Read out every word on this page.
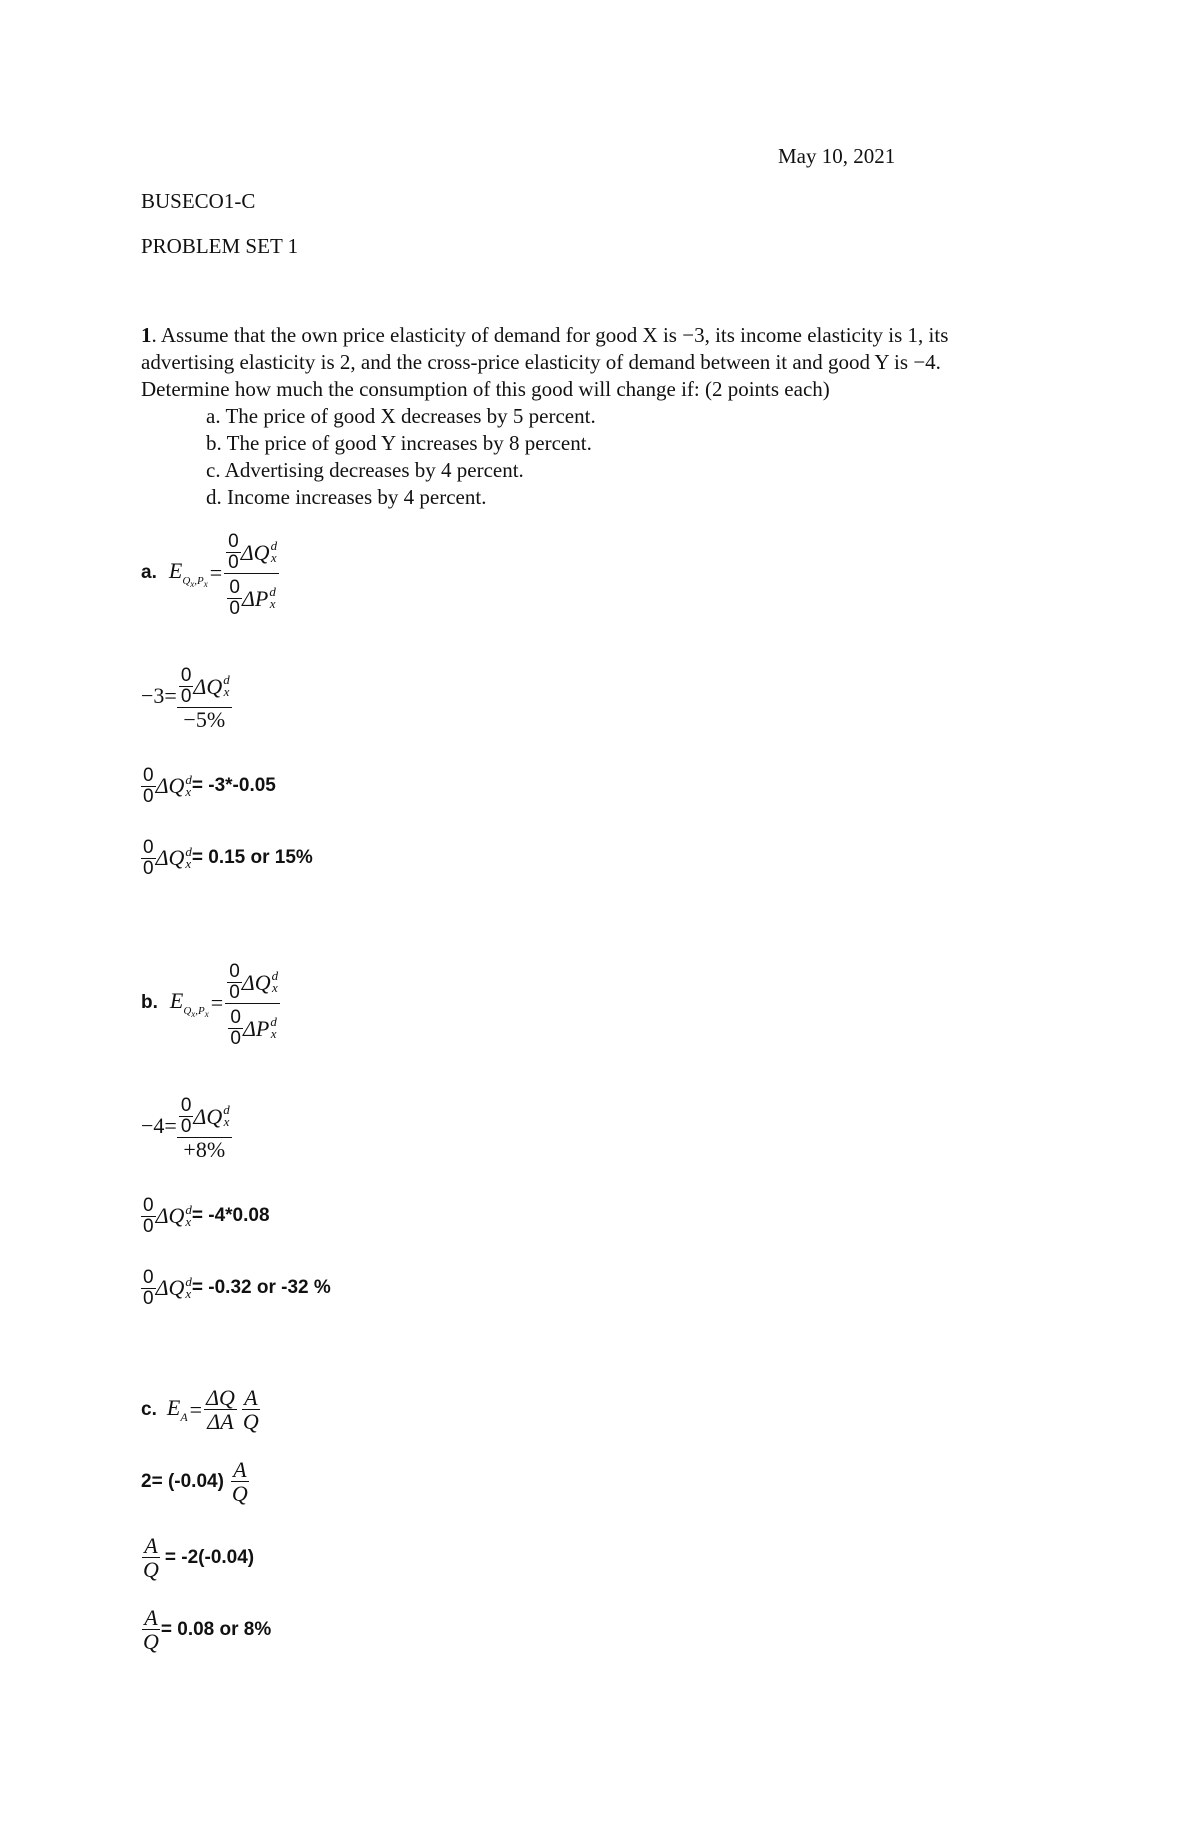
May 10, 2021
BUSECO1-C
PROBLEM SET 1
1. Assume that the own price elasticity of demand for good X is −3, its income elasticity is 1, its
advertising elasticity is 2, and the cross-price elasticity of demand between it and good Y is −4.
Determine how much the consumption of this good will change if: (2 points each)
a. The price of good X decreases by 5 percent.
b. The price of good Y increases by 8 percent.
c. Advertising decreases by 4 percent.
d. Income increases by 4 percent.
a. $E_{Q_x,P_x} = \frac{0}{0}$ ΔQ d
x
$\frac{0}{0}$ ΔP d
x
$-3= \frac{0}{0}$ ΔQ d
x
−5%
$\frac{0}{0}$ ΔQ d
x = -3*-0.05
$\frac{0}{0}$ ΔQ d
x = 0.15 or 15%
b. $E_{Q_x,P_x} = \frac{0}{0}$ ΔQ d
x
$\frac{0}{0}$ ΔP d
x
$-4= \frac{0}{0}$ ΔQ d
x
+8%
$\frac{0}{0}$ ΔQ d
x = -4*0.08
$\frac{0}{0}$ ΔQ d
x = -0.32 or -32 %
c. $E_A = \frac{\Delta Q}{\Delta A} \frac{A}{Q}$
$2= (-0.04) \frac{A}{Q}$
$\frac{A}{Q} = -2(-0.04)$
$\frac{A}{Q} = 0.08$ or 8%
